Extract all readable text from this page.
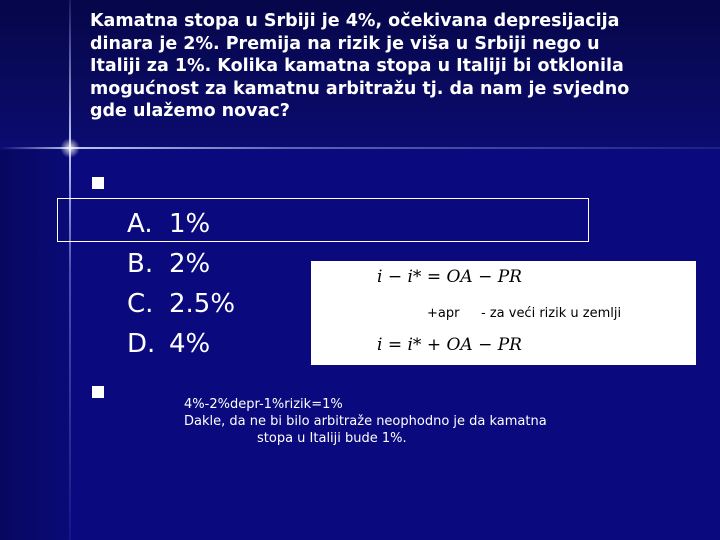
Kamatna stopa u Srbiji je 4%, očekivana depresijacija
dinara je 2%. Premija na rizik je viša u Srbiji nego u
Italiji za 1%. Kolika kamatna stopa u Italiji bi otklonila
mogućnost za kamatnu arbitražu tj. da nam je svjedno
gde ulažemo novac?
A. 1%
B. 2%
C. 2.5%
D. 4%
i − i* = OA − PR
+apr - za veći rizik u zemlji
i = i* + OA − PR
4%-2%depr-1%rizik=1%
Dakle, da ne bi bilo arbitraže neophodno je da kamatna
stopa u Italiji bude 1%.
